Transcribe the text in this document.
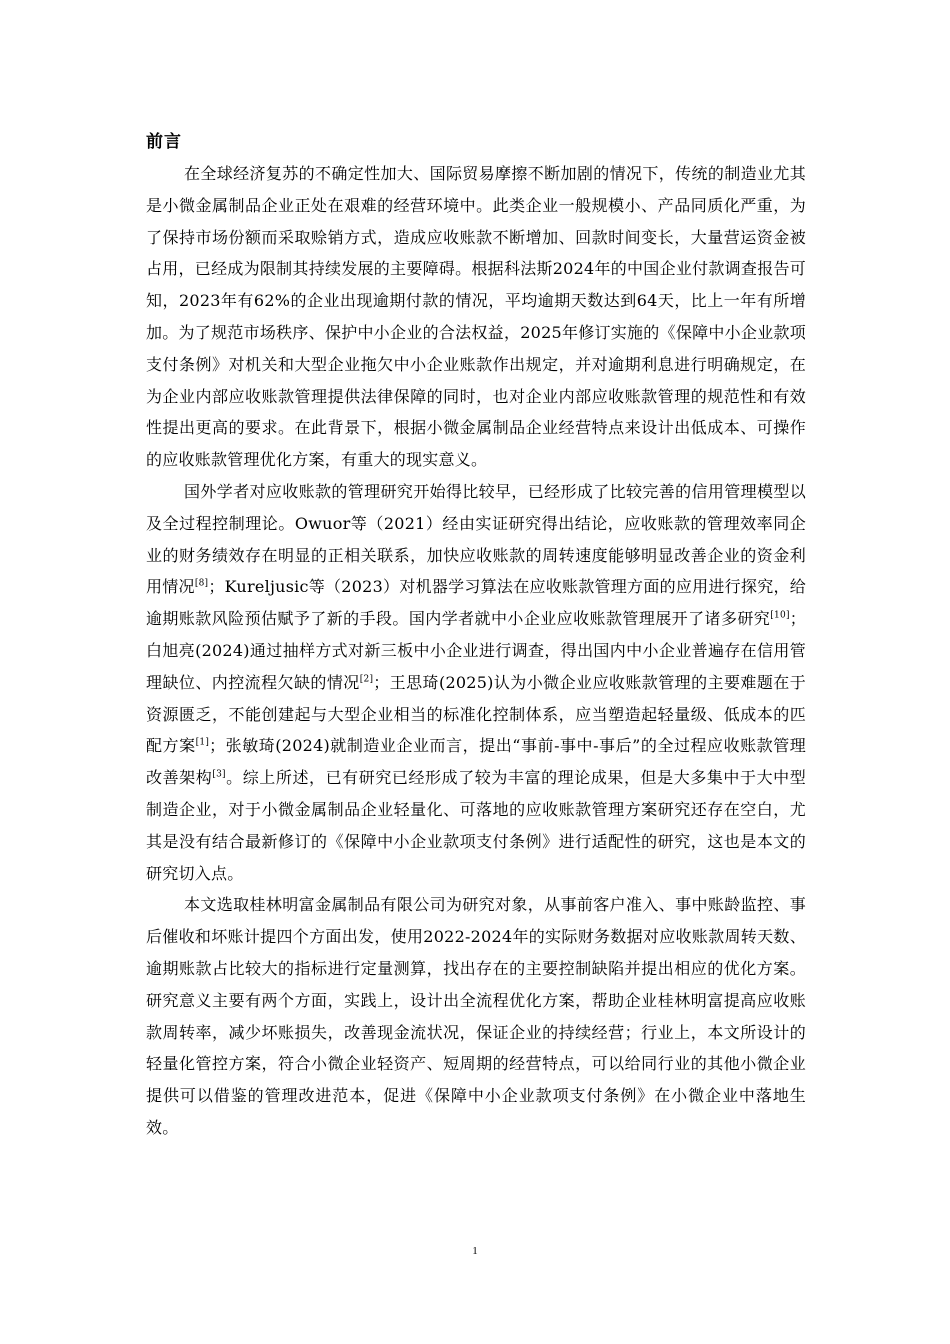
前言

在全球经济复苏的不确定性加大、国际贸易摩擦不断加剧的情况下，传统的制造业尤其是小微金属制品企业正处在艰难的经营环境中。此类企业一般规模小、产品同质化严重，为了保持市场份额而采取赊销方式，造成应收账款不断增加、回款时间变长，大量营运资金被占用，已经成为限制其持续发展的主要障碍。根据科法斯2024年的中国企业付款调查报告可知，2023年有62%的企业出现逾期付款的情况，平均逾期天数达到64天，比上一年有所增加。为了规范市场秩序、保护中小企业的合法权益，2025年修订实施的《保障中小企业款项支付条例》对机关和大型企业拖欠中小企业账款作出规定，并对逾期利息进行明确规定，在为企业内部应收账款管理提供法律保障的同时，也对企业内部应收账款管理的规范性和有效性提出更高的要求。在此背景下，根据小微金属制品企业经营特点来设计出低成本、可操作的应收账款管理优化方案，有重大的现实意义。

国外学者对应收账款的管理研究开始得比较早，已经形成了比较完善的信用管理模型以及全过程控制理论。Owuor等（2021）经由实证研究得出结论，应收账款的管理效率同企业的财务绩效存在明显的正相关联系，加快应收账款的周转速度能够明显改善企业的资金利用情况[8]；Kureljusic等（2023）对机器学习算法在应收账款管理方面的应用进行探究，给逾期账款风险预估赋予了新的手段。国内学者就中小企业应收账款管理展开了诸多研究[10]；白旭亮(2024)通过抽样方式对新三板中小企业进行调查，得出国内中小企业普遍存在信用管理缺位、内控流程欠缺的情况[2]；王思琦(2025)认为小微企业应收账款管理的主要难题在于资源匮乏，不能创建起与大型企业相当的标准化控制体系，应当塑造起轻量级、低成本的匹配方案[1]；张敏琦(2024)就制造业企业而言，提出“事前-事中-事后”的全过程应收账款管理改善架构[3]。综上所述，已有研究已经形成了较为丰富的理论成果，但是大多集中于大中型制造企业，对于小微金属制品企业轻量化、可落地的应收账款管理方案研究还存在空白，尤其是没有结合最新修订的《保障中小企业款项支付条例》进行适配性的研究，这也是本文的研究切入点。

本文选取桂林明富金属制品有限公司为研究对象，从事前客户准入、事中账龄监控、事后催收和坏账计提四个方面出发，使用2022-2024年的实际财务数据对应收账款周转天数、逾期账款占比较大的指标进行定量测算，找出存在的主要控制缺陷并提出相应的优化方案。研究意义主要有两个方面，实践上，设计出全流程优化方案，帮助企业桂林明富提高应收账款周转率，减少坏账损失，改善现金流状况，保证企业的持续经营；行业上，本文所设计的轻量化管控方案，符合小微企业轻资产、短周期的经营特点，可以给同行业的其他小微企业提供可以借鉴的管理改进范本，促进《保障中小企业款项支付条例》在小微企业中落地生效。

1
